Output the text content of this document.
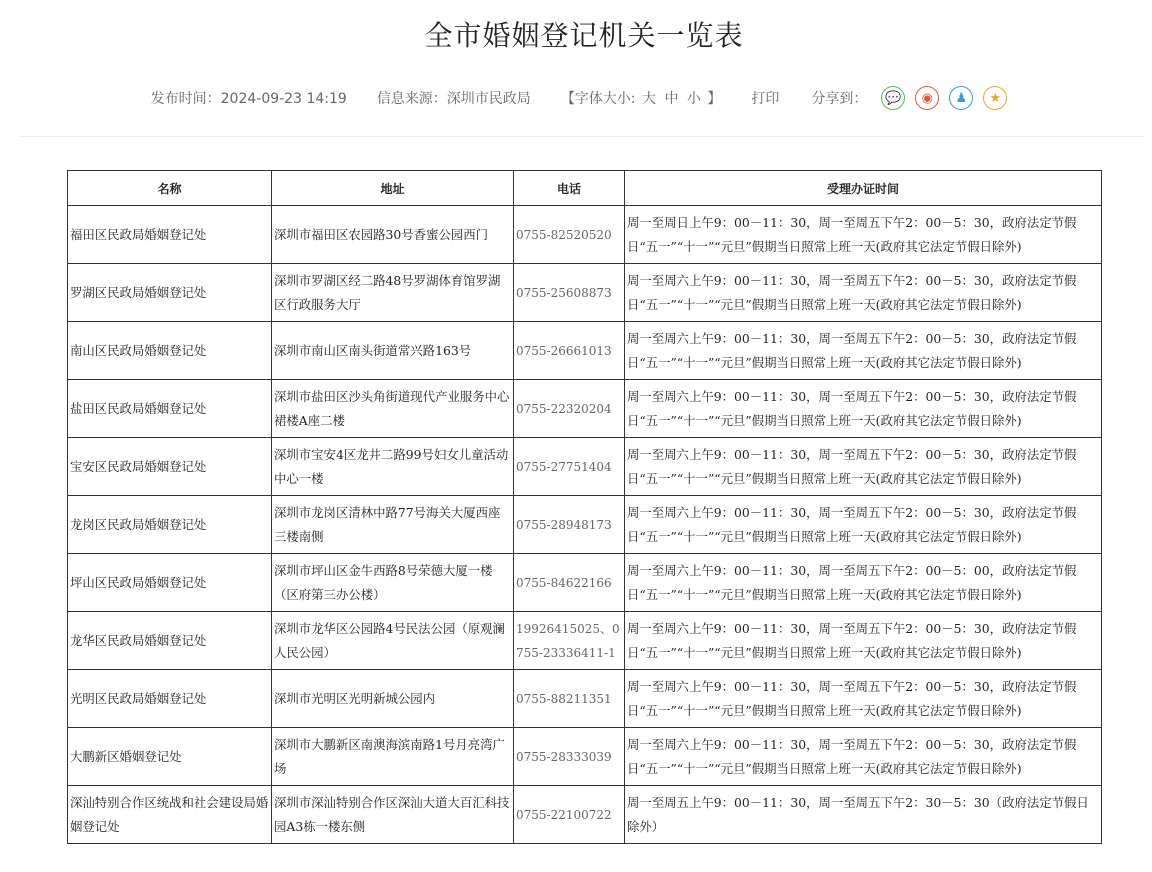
全市婚姻登记机关一览表
发布时间：2024-09-23 14:19 信息来源：深圳市民政局 【字体大小: 大 中 小 】 打印 分享到：	💬	◉	♟	★
名称	地址	电话	受理办证时间
福田区民政局婚姻登记处	深圳市福田区农园路30号香蜜公园西门	0755-82520520	周一至周日上午9：00－11：30，周一至周五下午2：00－5：30，政府法定节假日“五一”“十一”“元旦”假期当日照常上班一天(政府其它法定节假日除外)
罗湖区民政局婚姻登记处	深圳市罗湖区经二路48号罗湖体育馆罗湖区行政服务大厅	0755-25608873	周一至周六上午9：00－11：30，周一至周五下午2：00－5：30，政府法定节假日“五一”“十一”“元旦”假期当日照常上班一天(政府其它法定节假日除外)
南山区民政局婚姻登记处	深圳市南山区南头街道常兴路163号	0755-26661013	周一至周六上午9：00－11：30，周一至周五下午2：00－5：30，政府法定节假日“五一”“十一”“元旦”假期当日照常上班一天(政府其它法定节假日除外)
盐田区民政局婚姻登记处	深圳市盐田区沙头角街道现代产业服务中心裙楼A座二楼	0755-22320204	周一至周六上午9：00－11：30，周一至周五下午2：00－5：30，政府法定节假日“五一”“十一”“元旦”假期当日照常上班一天(政府其它法定节假日除外)
宝安区民政局婚姻登记处	深圳市宝安4区龙井二路99号妇女儿童活动中心一楼	0755-27751404	周一至周六上午9：00－11：30，周一至周五下午2：00－5：30，政府法定节假日“五一”“十一”“元旦”假期当日照常上班一天(政府其它法定节假日除外)
龙岗区民政局婚姻登记处	深圳市龙岗区清林中路77号海关大厦西座三楼南侧	0755-28948173	周一至周六上午9：00－11：30，周一至周五下午2：00－5：30，政府法定节假日“五一”“十一”“元旦”假期当日照常上班一天(政府其它法定节假日除外)
坪山区民政局婚姻登记处	深圳市坪山区金牛西路8号荣德大厦一楼（区府第三办公楼）	0755-84622166	周一至周六上午9：00－11：30，周一至周五下午2：00－5：00，政府法定节假日“五一”“十一”“元旦”假期当日照常上班一天(政府其它法定节假日除外)
龙华区民政局婚姻登记处	深圳市龙华区公园路4号民法公园（原观澜人民公园）	19926415025、0755-23336411-1	周一至周六上午9：00－11：30，周一至周五下午2：00－5：30，政府法定节假日“五一”“十一”“元旦”假期当日照常上班一天(政府其它法定节假日除外)
光明区民政局婚姻登记处	深圳市光明区光明新城公园内	0755-88211351	周一至周六上午9：00－11：30，周一至周五下午2：00－5：30，政府法定节假日“五一”“十一”“元旦”假期当日照常上班一天(政府其它法定节假日除外)
大鹏新区婚姻登记处	深圳市大鹏新区南澳海滨南路1号月亮湾广场	0755-28333039	周一至周六上午9：00－11：30，周一至周五下午2：00－5：30，政府法定节假日“五一”“十一”“元旦”假期当日照常上班一天(政府其它法定节假日除外)
深汕特别合作区统战和社会建设局婚姻登记处	深圳市深汕特别合作区深汕大道大百汇科技园A3栋一楼东侧	0755-22100722	周一至周五上午9：00－11：30，周一至周五下午2：30－5：30（政府法定节假日除外）
